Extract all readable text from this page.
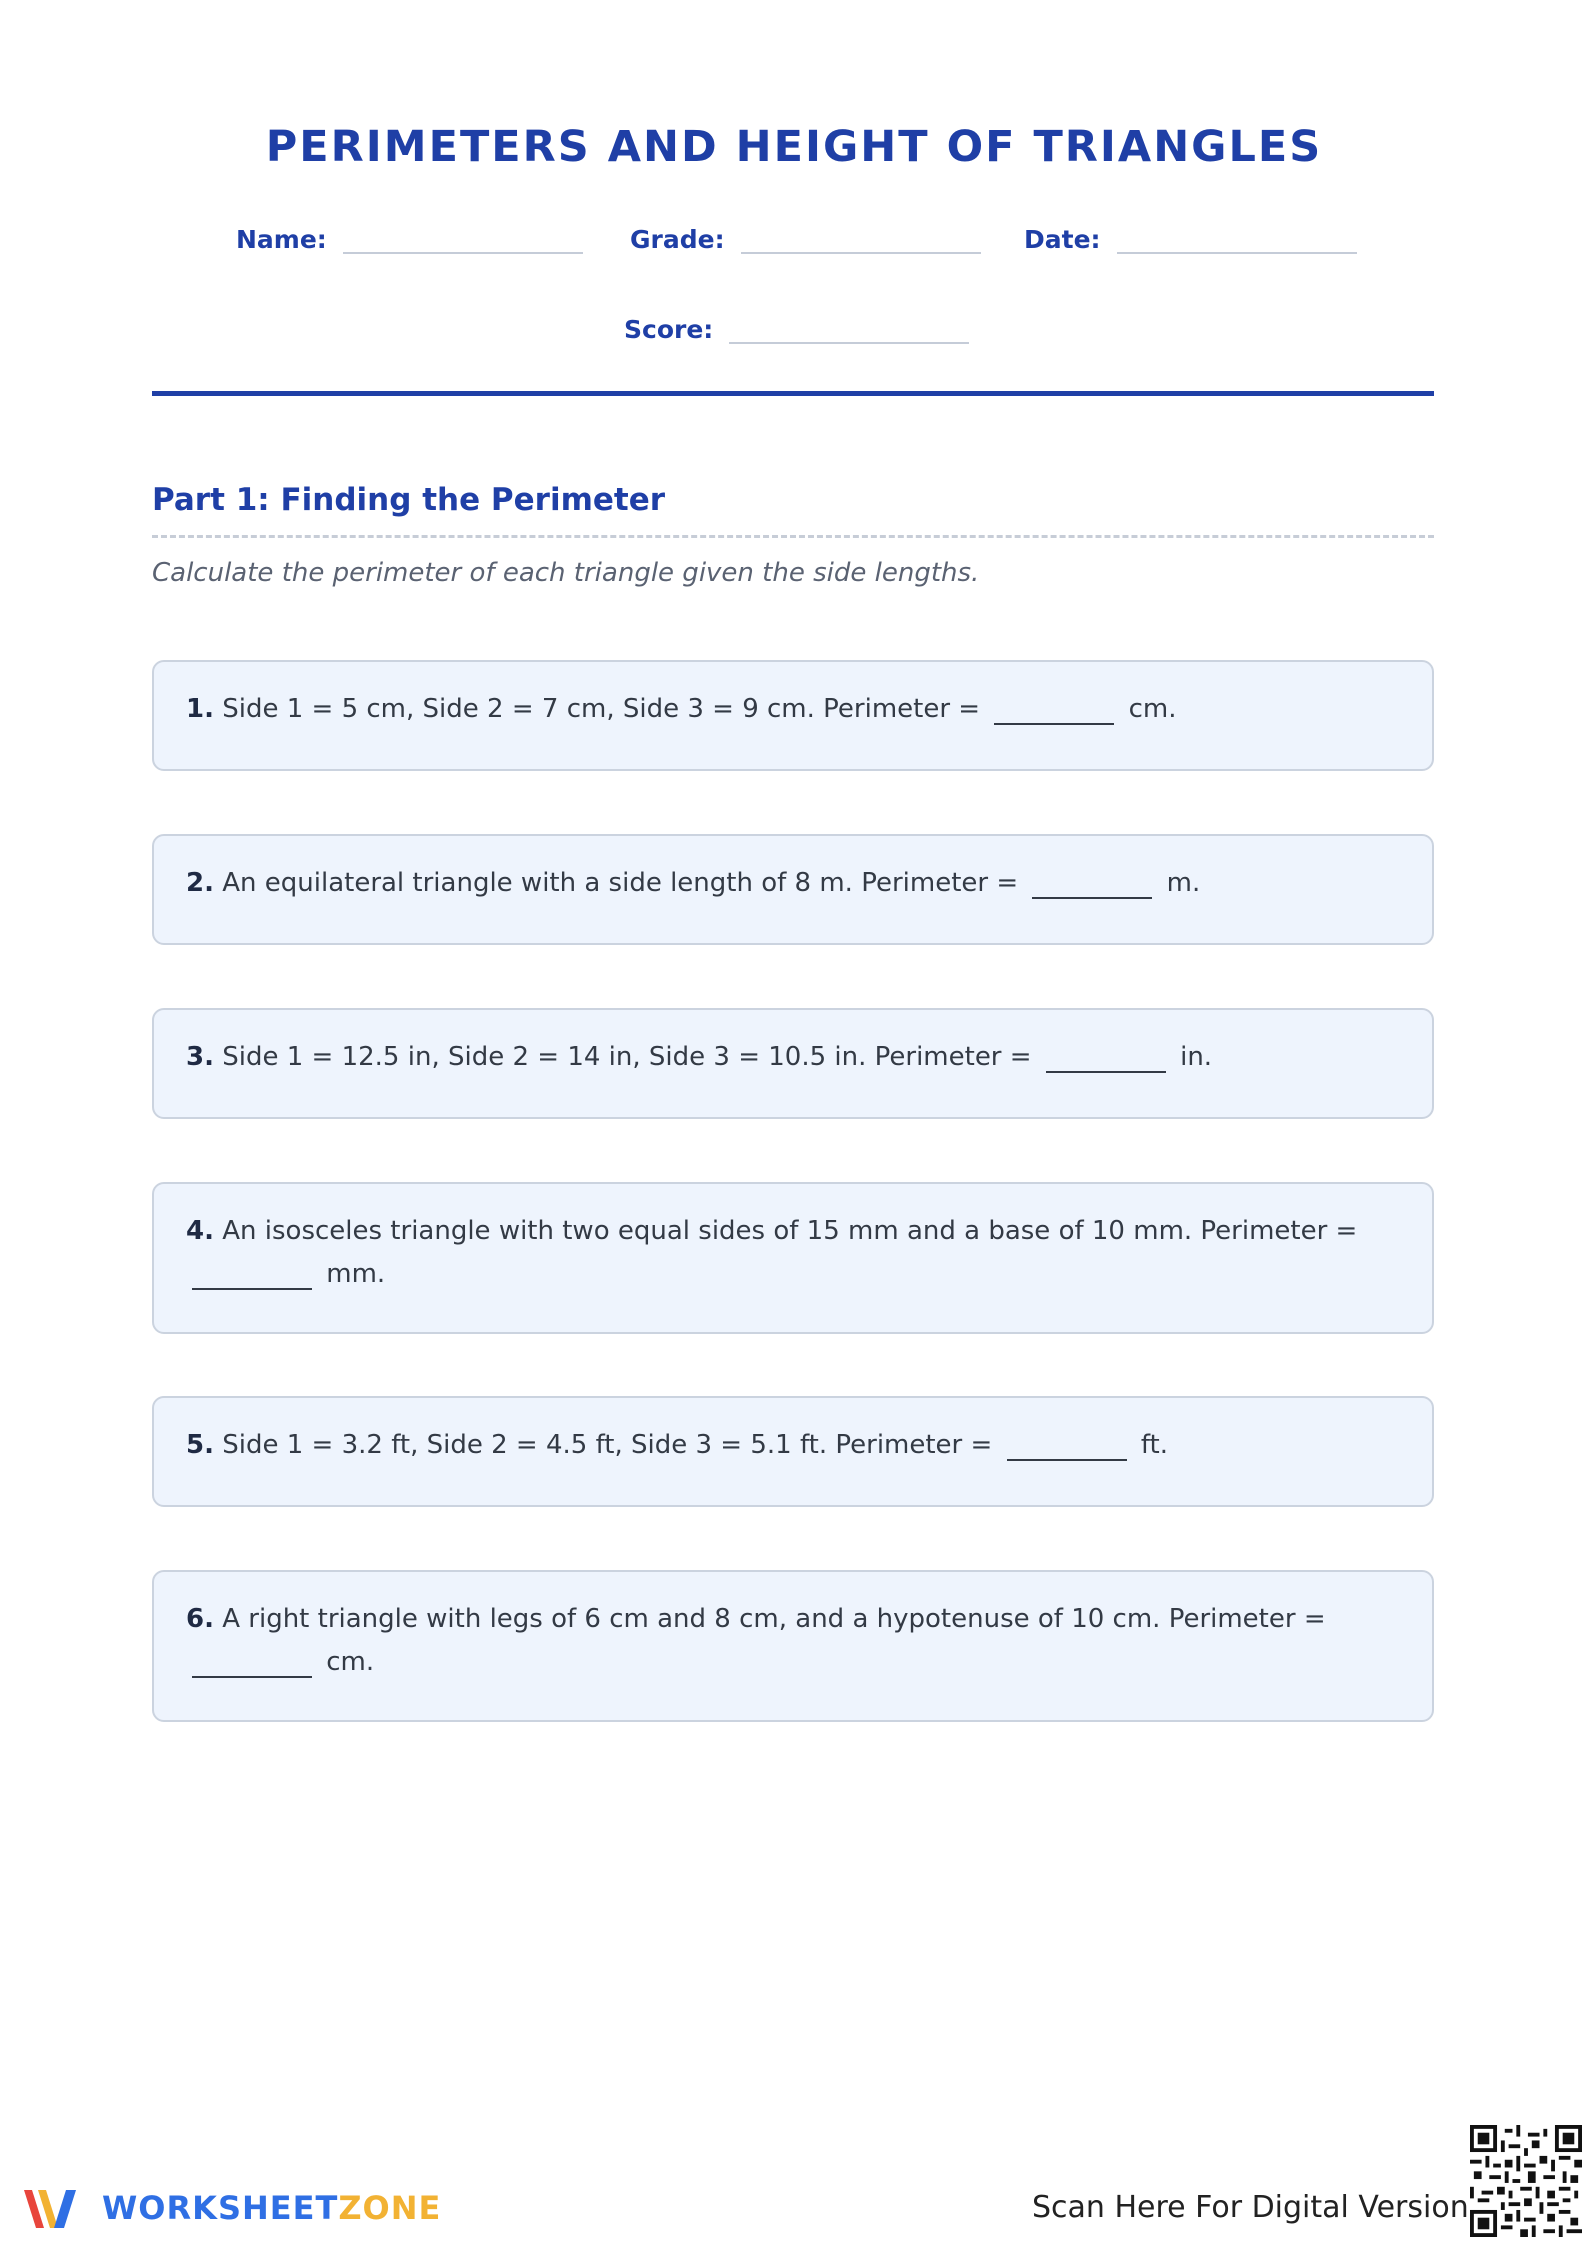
PERIMETERS AND HEIGHT OF TRIANGLES
Name:	Grade:	Date:
Score:
Part 1: Finding the Perimeter
Calculate the perimeter of each triangle given the side lengths.
1. Side 1 = 5 cm, Side 2 = 7 cm, Side 3 = 9 cm. Perimeter =	cm.
2. An equilateral triangle with a side length of 8 m. Perimeter =	m.
3. Side 1 = 12.5 in, Side 2 = 14 in, Side 3 = 10.5 in. Perimeter =	in.
4. An isosceles triangle with two equal sides of 15 mm and a base of 10 mm. Perimeter =  mm.
5. Side 1 = 3.2 ft, Side 2 = 4.5 ft, Side 3 = 5.1 ft. Perimeter =	ft.
6. A right triangle with legs of 6 cm and 8 cm, and a hypotenuse of 10 cm. Perimeter =  cm.
WORKSHEETZONE	Scan Here For Digital Version
